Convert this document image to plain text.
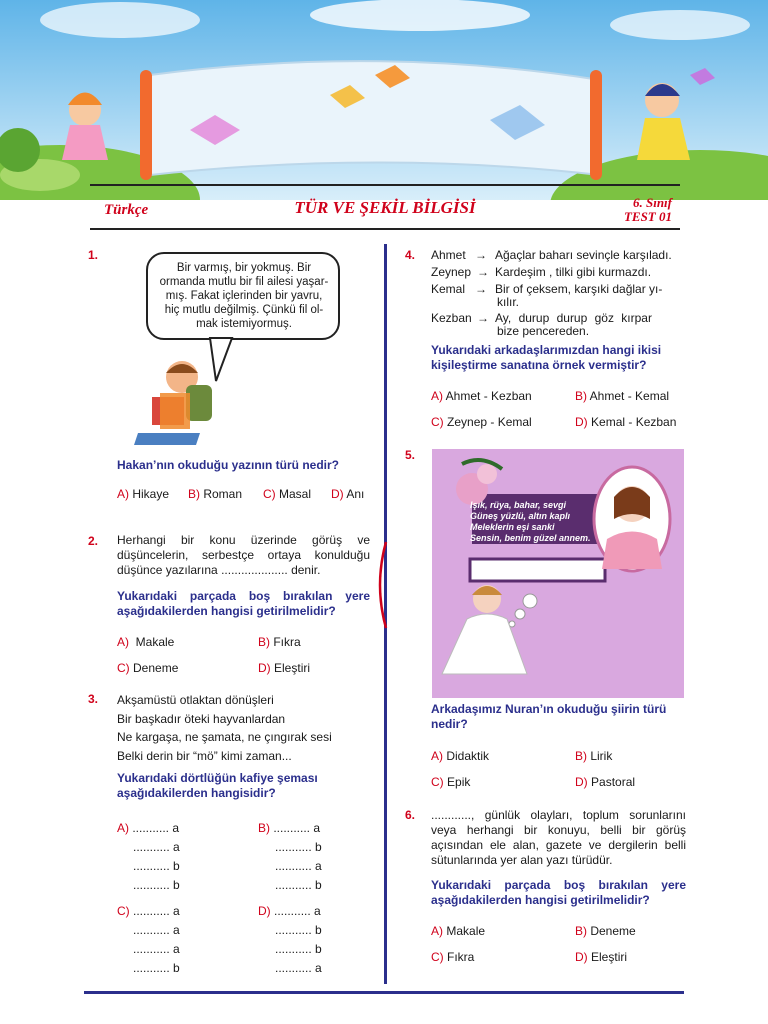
Türkçe	TÜR VE ŞEKİL BİLGİSİ	6. Sınıf
TEST 01
1.
Bir varmış, bir yokmuş. Bir
ormanda mutlu bir fil ailesi yaşar-
mış. Fakat içlerinden bir yavru,
hiç mutlu değilmiş. Çünkü fil ol-
mak istemiyormuş.
Hakan’nın okuduğu yazının türü nedir?
A) Hikaye B) Roman C) Masal D) Anı
2. Herhangi bir konu üzerinde görüş ve düşüncelerin, serbestçe ortaya konulduğu düşünce yazılarına .................... denir.
Yukarıdaki parçada boş bırakılan yere aşağıdakilerden hangisi getirilmelidir?
A) Makale	B) Fıkra
C) Deneme	D) Eleştiri
3. Akşamüstü otlaktan dönüşleri
Bir başkadır öteki hayvanlardan
Ne kargaşa, ne şamata, ne çıngırak sesi
Belki derin bir “mö” kimi zaman...
Yukarıdaki dörtlüğün kafiye şeması aşağıdakilerden hangisidir?
A) ........... a
........... a
........... b
........... b
B) ........... a
........... b
........... a
........... b
C) ........... a
........... a
........... a
........... b
D) ........... a
........... b
........... b
........... a
4. Ahmet → Ağaçlar baharı sevinçle karşıladı.
Zeynep → Kardeşim , tilki gibi kurmazdı.
Kemal → Bir of çeksem, karşıki dağlar yı-
kılır.
Kezban → Ay, durup durup göz kırpar
bize pencereden.
Yukarıdaki arkadaşlarımızdan hangi ikisi kişileştirme sanatına örnek vermiştir?
A) Ahmet - Kezban	B) Ahmet - Kemal
C) Zeynep - Kemal	D) Kemal - Kezban
5.
Işık, rüya, bahar, sevgi
Güneş yüzlü, altın kaplı
Meleklerin eşi sanki
Sensin, benim güzel annem.
Arkadaşımız Nuran’ın okuduğu şiirin türü nedir?
A) Didaktik	B) Lirik
C) Epik	D) Pastoral
6. ............, günlük olayları, toplum sorunlarını veya herhangi bir konuyu, belli bir görüş açısından ele alan, gazete ve dergilerin belli sütunlarında yer alan yazı türüdür.
Yukarıdaki parçada boş bırakılan yere aşağıdakilerden hangisi getirilmelidir?
A) Makale	B) Deneme
C) Fıkra	D) Eleştiri
